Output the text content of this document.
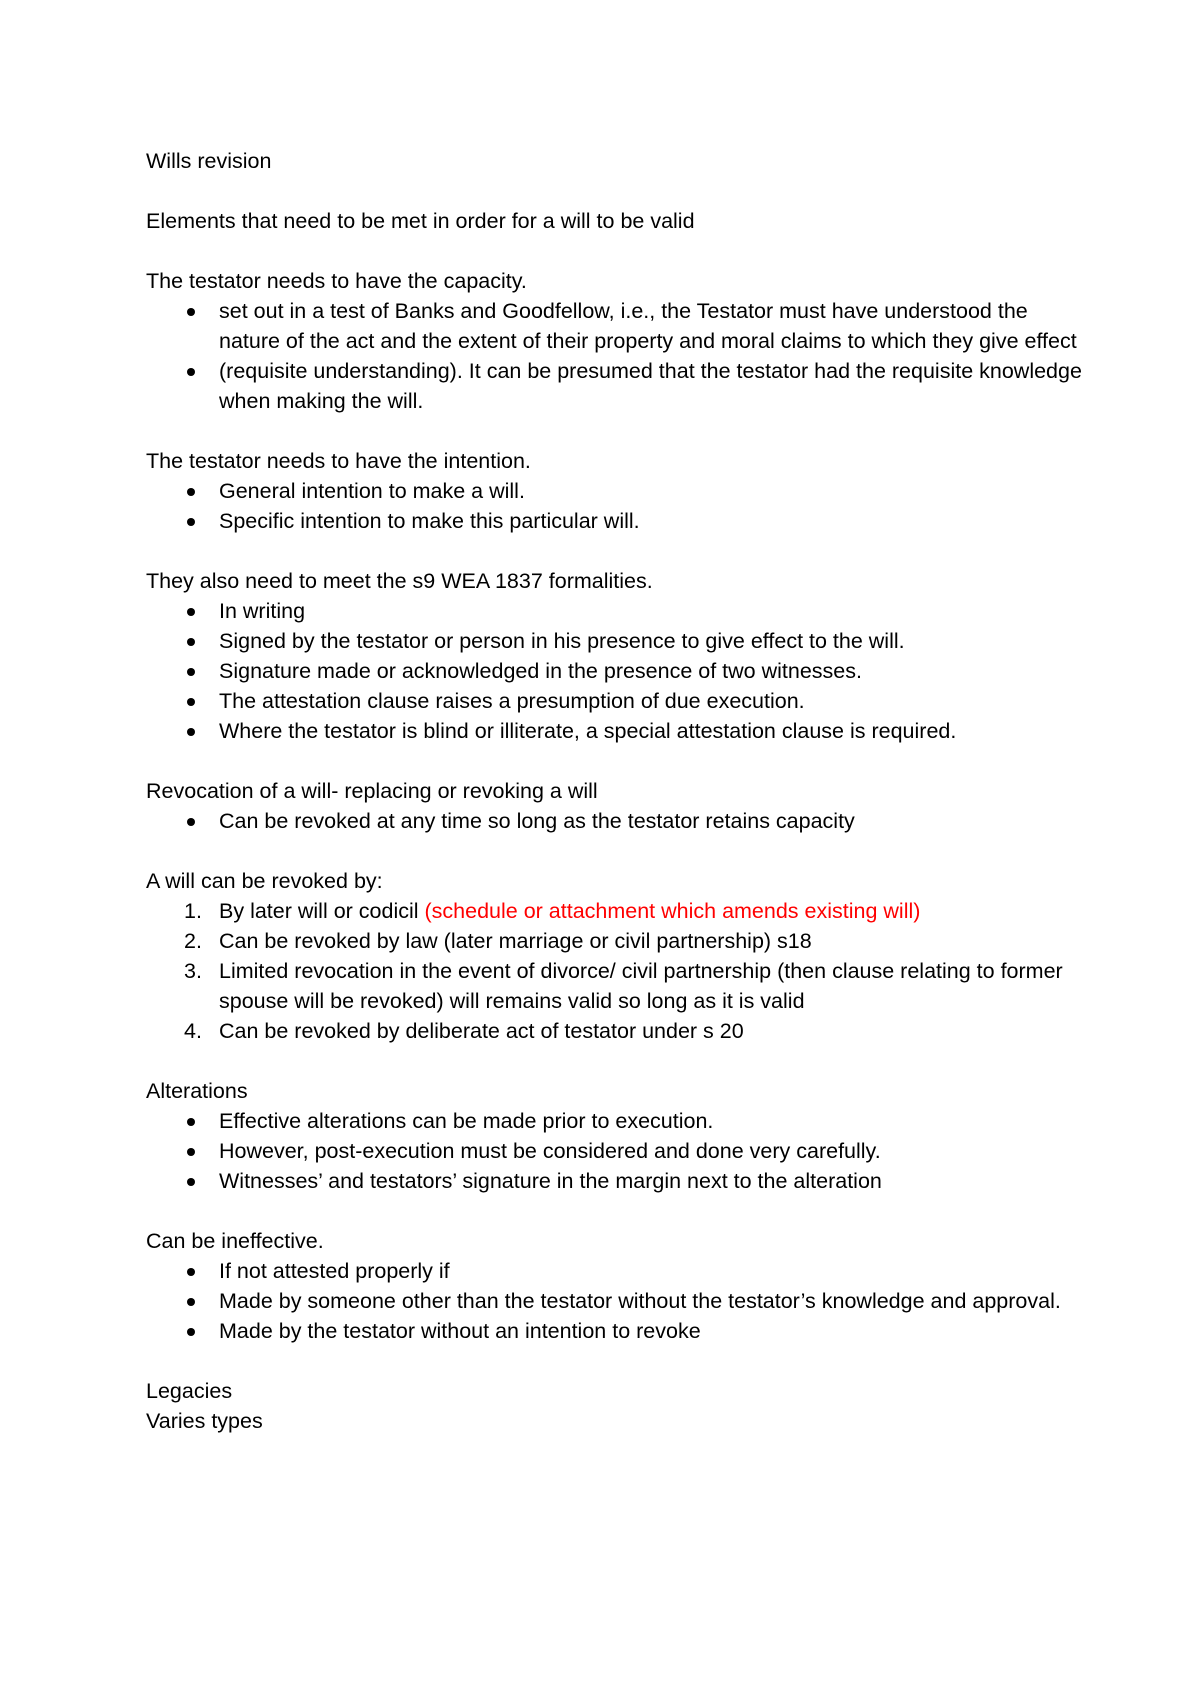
Wills revision

Elements that need to be met in order for a will to be valid

The testator needs to have the capacity.

set out in a test of Banks and Goodfellow, i.e., the Testator must have understood the nature of the act and the extent of their property and moral claims to which they give effect
(requisite understanding). It can be presumed that the testator had the requisite knowledge when making the will.

The testator needs to have the intention.

General intention to make a will.
Specific intention to make this particular will.

They also need to meet the s9 WEA 1837 formalities.

In writing
Signed by the testator or person in his presence to give effect to the will.
Signature made or acknowledged in the presence of two witnesses.
The attestation clause raises a presumption of due execution.
Where the testator is blind or illiterate, a special attestation clause is required.

Revocation of a will- replacing or revoking a will

Can be revoked at any time so long as the testator retains capacity

A will can be revoked by:

1. By later will or codicil (schedule or attachment which amends existing will)
2. Can be revoked by law (later marriage or civil partnership) s18
3. Limited revocation in the event of divorce/ civil partnership (then clause relating to former spouse will be revoked) will remains valid so long as it is valid
4. Can be revoked by deliberate act of testator under s 20

Alterations

Effective alterations can be made prior to execution.
However, post-execution must be considered and done very carefully.
Witnesses’ and testators’ signature in the margin next to the alteration

Can be ineffective.

If not attested properly if
Made by someone other than the testator without the testator’s knowledge and approval.
Made by the testator without an intention to revoke

Legacies

Varies types
